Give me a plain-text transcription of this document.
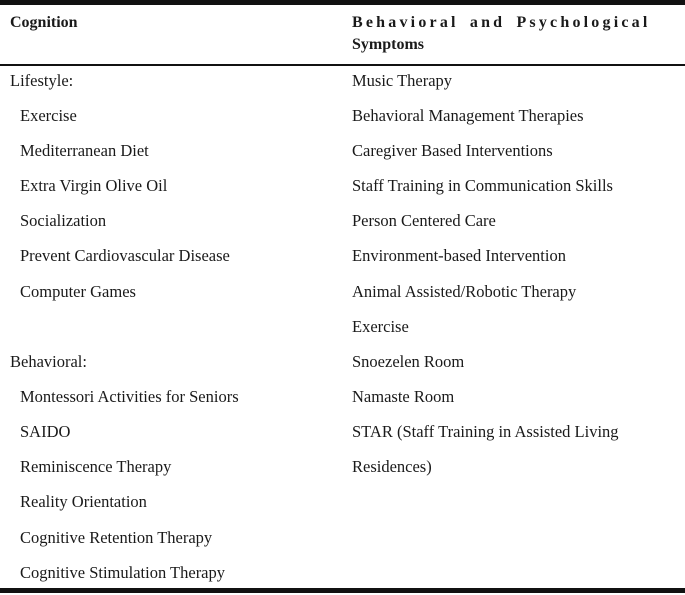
Cognition	Behavioral and Psychological
Symptoms
Lifestyle:
Exercise
Mediterranean Diet
Extra Virgin Olive Oil
Socialization
Prevent Cardiovascular Disease
Computer Games
Behavioral:
Montessori Activities for Seniors
SAIDO
Reminiscence Therapy
Reality Orientation
Cognitive Retention Therapy
Cognitive Stimulation Therapy
Music Therapy
Behavioral Management Therapies
Caregiver Based Interventions
Staff Training in Communication Skills
Person Centered Care
Environment-based Intervention
Animal Assisted/Robotic Therapy
Exercise
Snoezelen Room
Namaste Room
STAR (Staff Training in Assisted Living
Residences)
